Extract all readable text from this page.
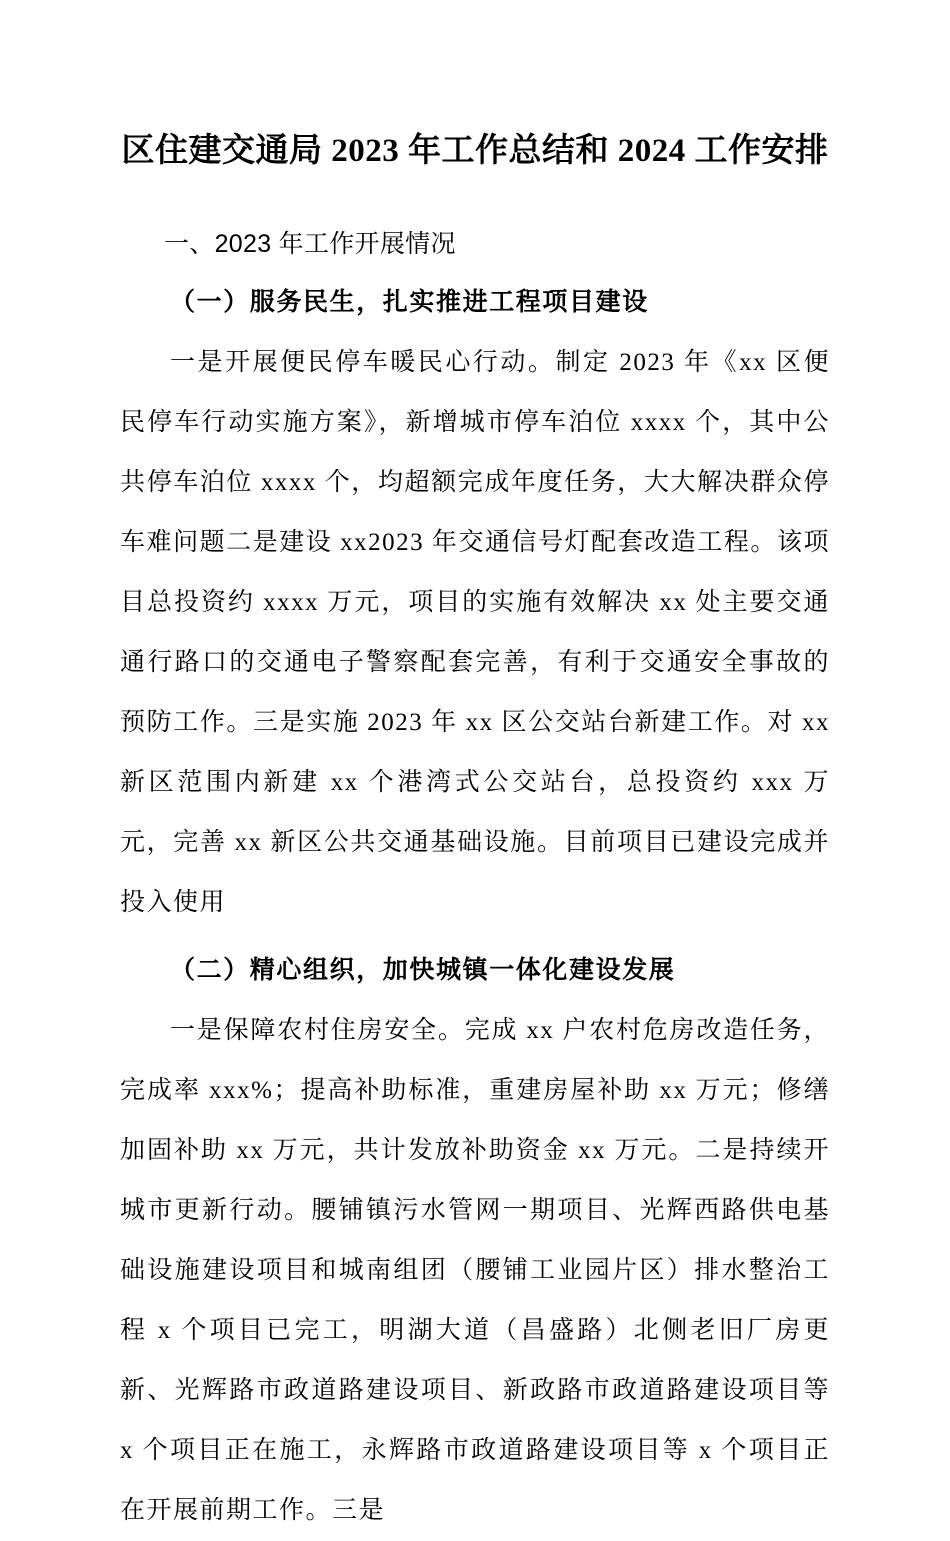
区住建交通局 2023 年工作总结和 2024 工作安排
一、2023 年工作开展情况
（一）服务民生，扎实推进工程项目建设

一是开展便民停车暖民心行动。制定 2023 年《xx 区便民停车行动实施方案》，新增城市停车泊位 xxxx 个，其中公共停车泊位 xxxx 个，均超额完成年度任务，大大解决群众停车难问题二是建设 xx2023 年交通信号灯配套改造工程。该项目总投资约 xxxx 万元，项目的实施有效解决 xx 处主要交通通行路口的交通电子警察配套完善，有利于交通安全事故的预防工作。三是实施 2023 年 xx 区公交站台新建工作。对 xx 新区范围内新建 xx 个港湾式公交站台，总投资约 xxx 万元，完善 xx 新区公共交通基础设施。目前项目已建设完成并投入使用

（二）精心组织，加快城镇一体化建设发展

一是保障农村住房安全。完成 xx 户农村危房改造任务，完成率 xxx%；提高补助标准，重建房屋补助 xx 万元；修缮加固补助 xx 万元，共计发放补助资金 xx 万元。二是持续开城市更新行动。腰铺镇污水管网一期项目、光辉西路供电基础设施建设项目和城南组团（腰铺工业园片区）排水整治工程 x 个项目已完工，明湖大道（昌盛路）北侧老旧厂房更新、光辉路市政道路建设项目、新政路市政道路建设项目等 x 个项目正在施工，永辉路市政道路建设项目等 x 个项目正在开展前期工作。三是
